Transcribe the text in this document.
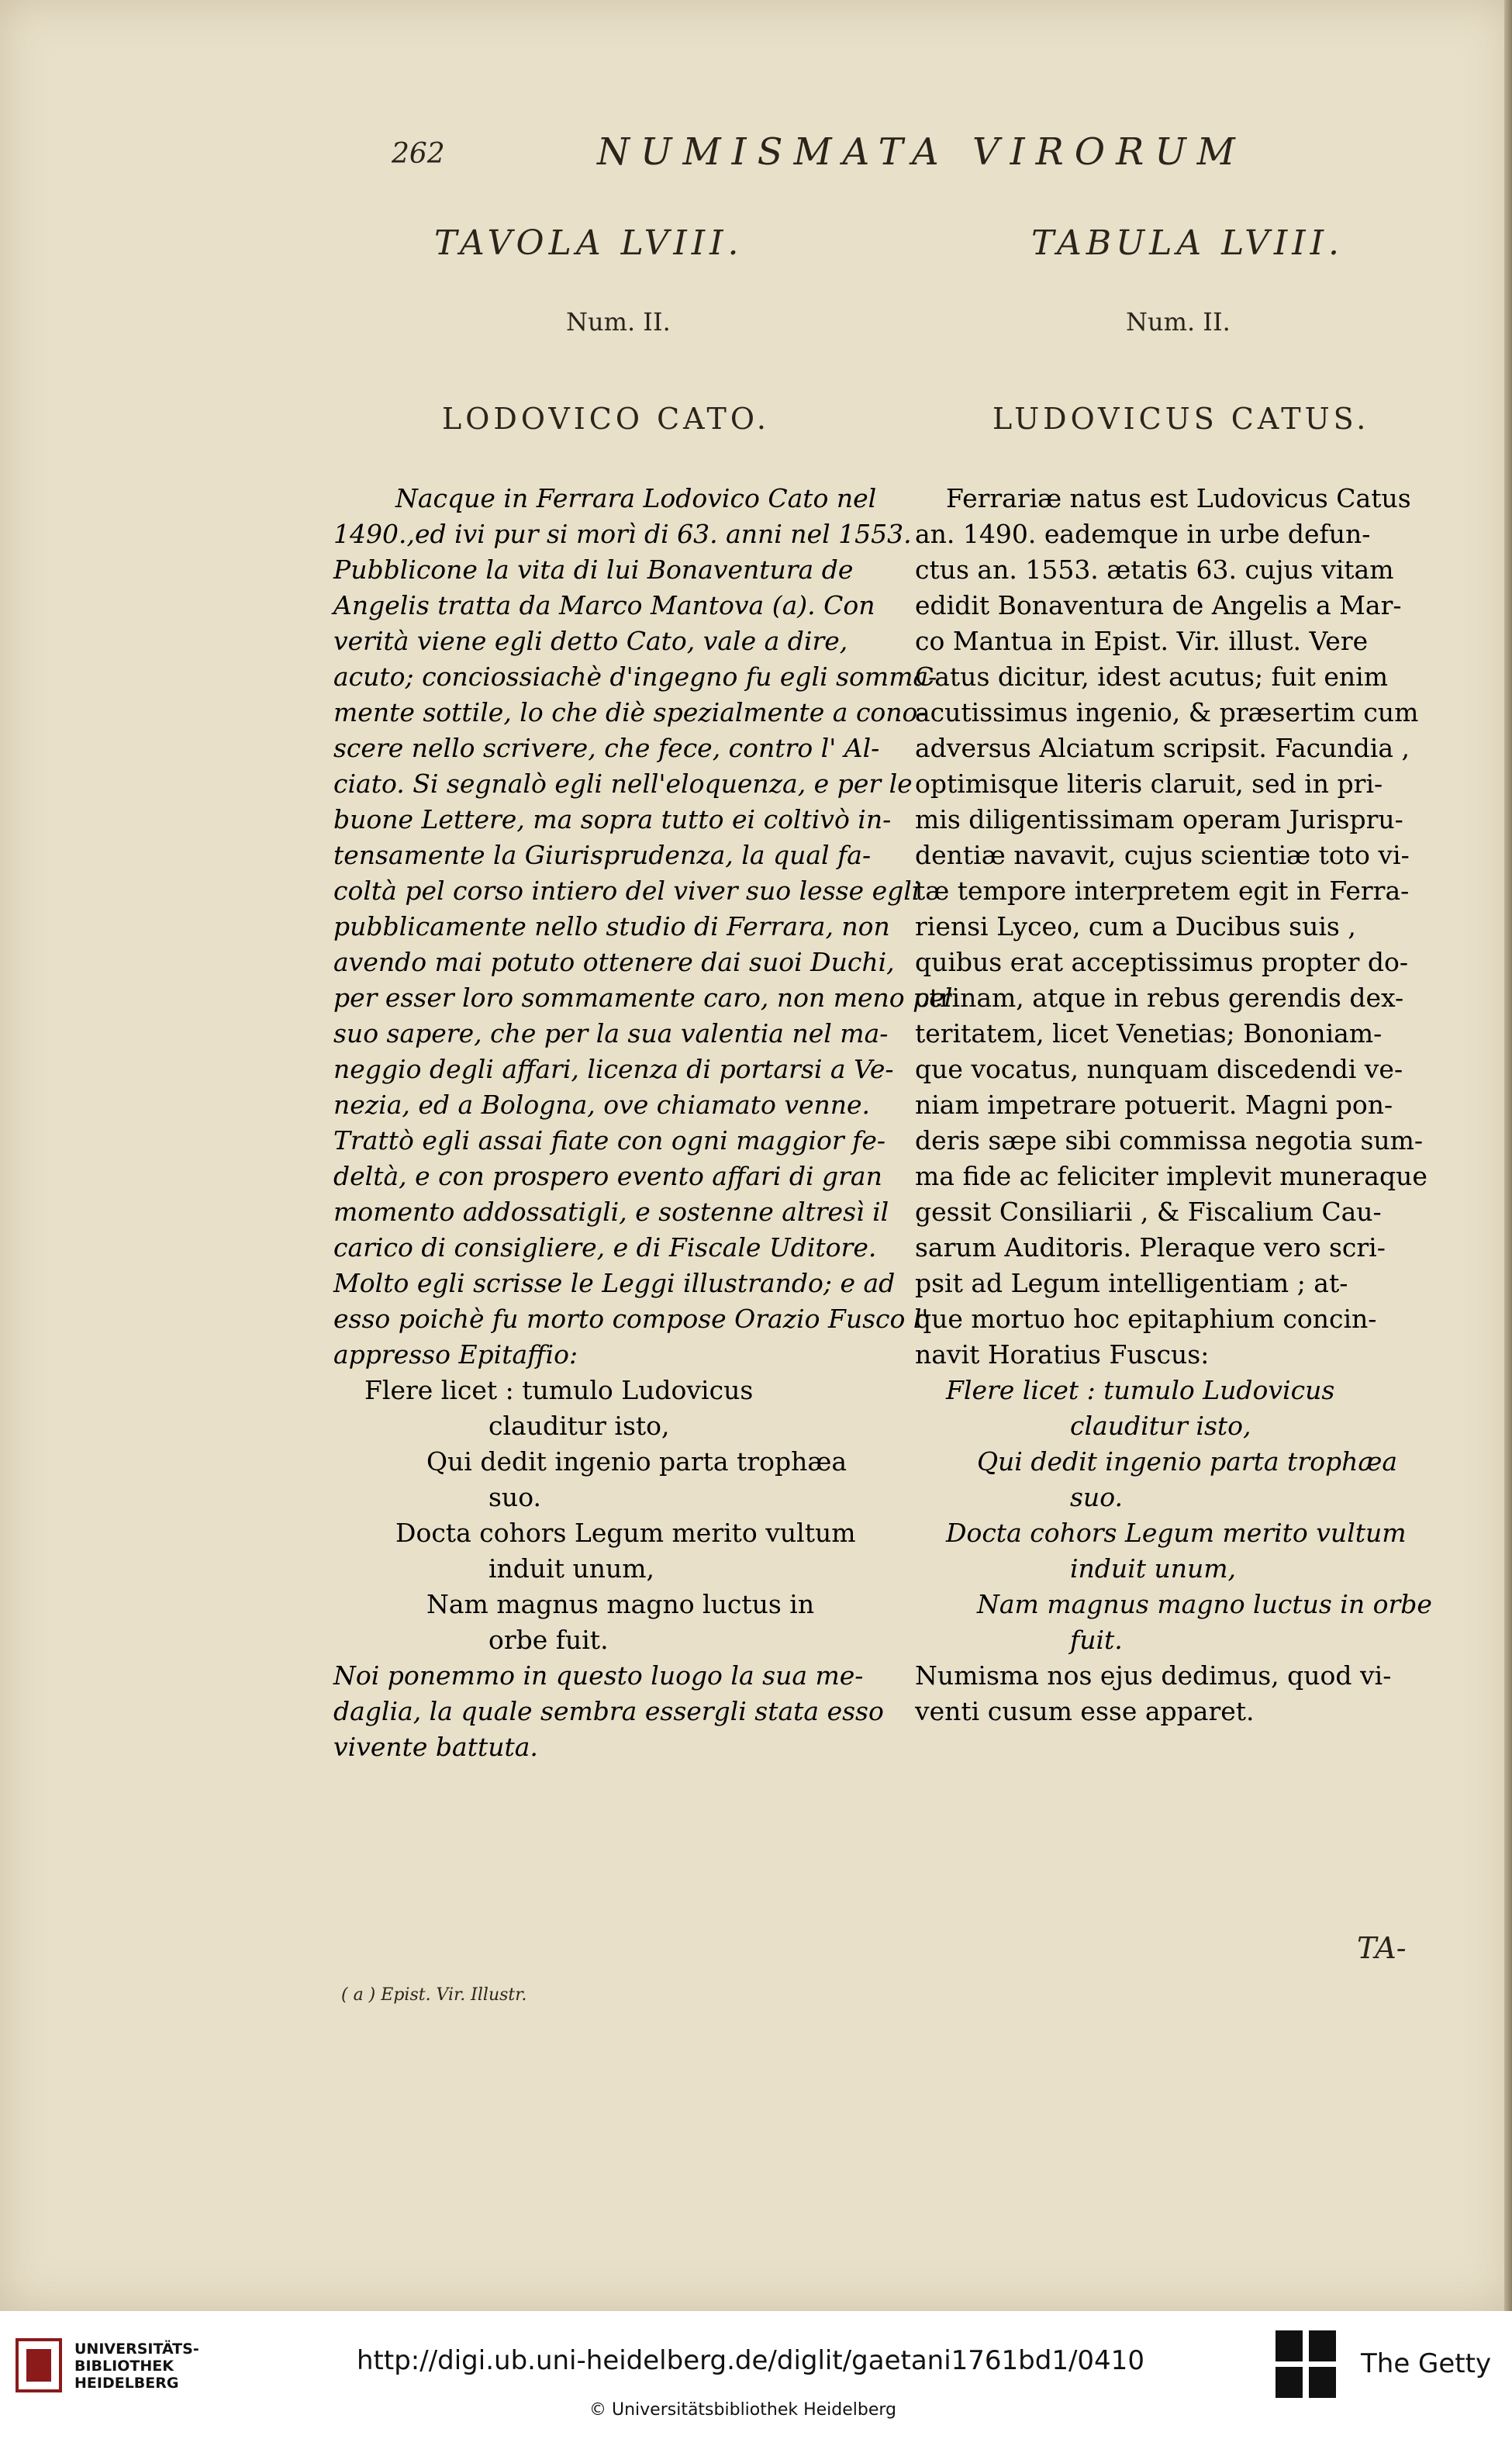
262	NUMISMATA VIRORUM
TAVOLA LVIII.
Num. II.
LODOVICO CATO.
TABULA LVIII.
Num. II.
LUDOVICUS CATUS.
Nacque in Ferrara Lodovico Cato nel
1490.,ed ivi pur si morì di 63. anni nel 1553.
Pubblicone la vita di lui Bonaventura de
Angelis tratta da Marco Mantova (a). Con
verità viene egli detto Cato, vale a dire,
acuto; conciossiachè d'ingegno fu egli somma-
mente sottile, lo che diè spezialmente a cono-
scere nello scrivere, che fece, contro l' Al-
ciato. Si segnalò egli nell'eloquenza, e per le
buone Lettere, ma sopra tutto ei coltivò in-
tensamente la Giurisprudenza, la qual fa-
coltà pel corso intiero del viver suo lesse egli
pubblicamente nello studio di Ferrara, non
avendo mai potuto ottenere dai suoi Duchi,
per esser loro sommamente caro, non meno pel
suo sapere, che per la sua valentia nel ma-
neggio degli affari, licenza di portarsi a Ve-
nezia, ed a Bologna, ove chiamato venne.
Trattò egli assai fiate con ogni maggior fe-
deltà, e con prospero evento affari di gran
momento addossatigli, e sostenne altresì il
carico di consigliere, e di Fiscale Uditore.
Molto egli scrisse le Leggi illustrando; e ad
esso poichè fu morto compose Orazio Fusco l'
appresso Epitaffio:
Flere licet : tumulo Ludovicus
clauditur isto,
Qui dedit ingenio parta trophæa
suo.
Docta cohors Legum merito vultum
induit unum,
Nam magnus magno luctus in
orbe fuit.
Noi ponemmo in questo luogo la sua me-
daglia, la quale sembra essergli stata esso
vivente battuta.
Ferrariæ natus est Ludovicus Catus
an. 1490. eademque in urbe defun-
ctus an. 1553. ætatis 63. cujus vitam
edidit Bonaventura de Angelis a Mar-
co Mantua in Epist. Vir. illust. Vere
Catus dicitur, idest acutus; fuit enim
acutissimus ingenio, & præsertim cum
adversus Alciatum scripsit. Facundia ,
optimisque literis claruit, sed in pri-
mis diligentissimam operam Jurispru-
dentiæ navavit, cujus scientiæ toto vi-
tæ tempore interpretem egit in Ferra-
riensi Lyceo, cum a Ducibus suis ,
quibus erat acceptissimus propter do-
ctrinam, atque in rebus gerendis dex-
teritatem, licet Venetias; Bononiam-
que vocatus, nunquam discedendi ve-
niam impetrare potuerit. Magni pon-
deris sæpe sibi commissa negotia sum-
ma fide ac feliciter implevit muneraque
gessit Consiliarii , & Fiscalium Cau-
sarum Auditoris. Pleraque vero scri-
psit ad Legum intelligentiam ; at-
que mortuo hoc epitaphium concin-
navit Horatius Fuscus:
Flere licet : tumulo Ludovicus
clauditur isto,
Qui dedit ingenio parta trophæa
suo.
Docta cohors Legum merito vultum
induit unum,
Nam magnus magno luctus in orbe
fuit.
Numisma nos ejus dedimus, quod vi-
venti cusum esse apparet.
TA-
( a ) Epist. Vir. Illustr.
UNIVERSITÄTS-
BIBLIOTHEK
HEIDELBERG
http://digi.ub.uni-heidelberg.de/diglit/gaetani1761bd1/0410
© Universitätsbibliothek Heidelberg
The Getty
